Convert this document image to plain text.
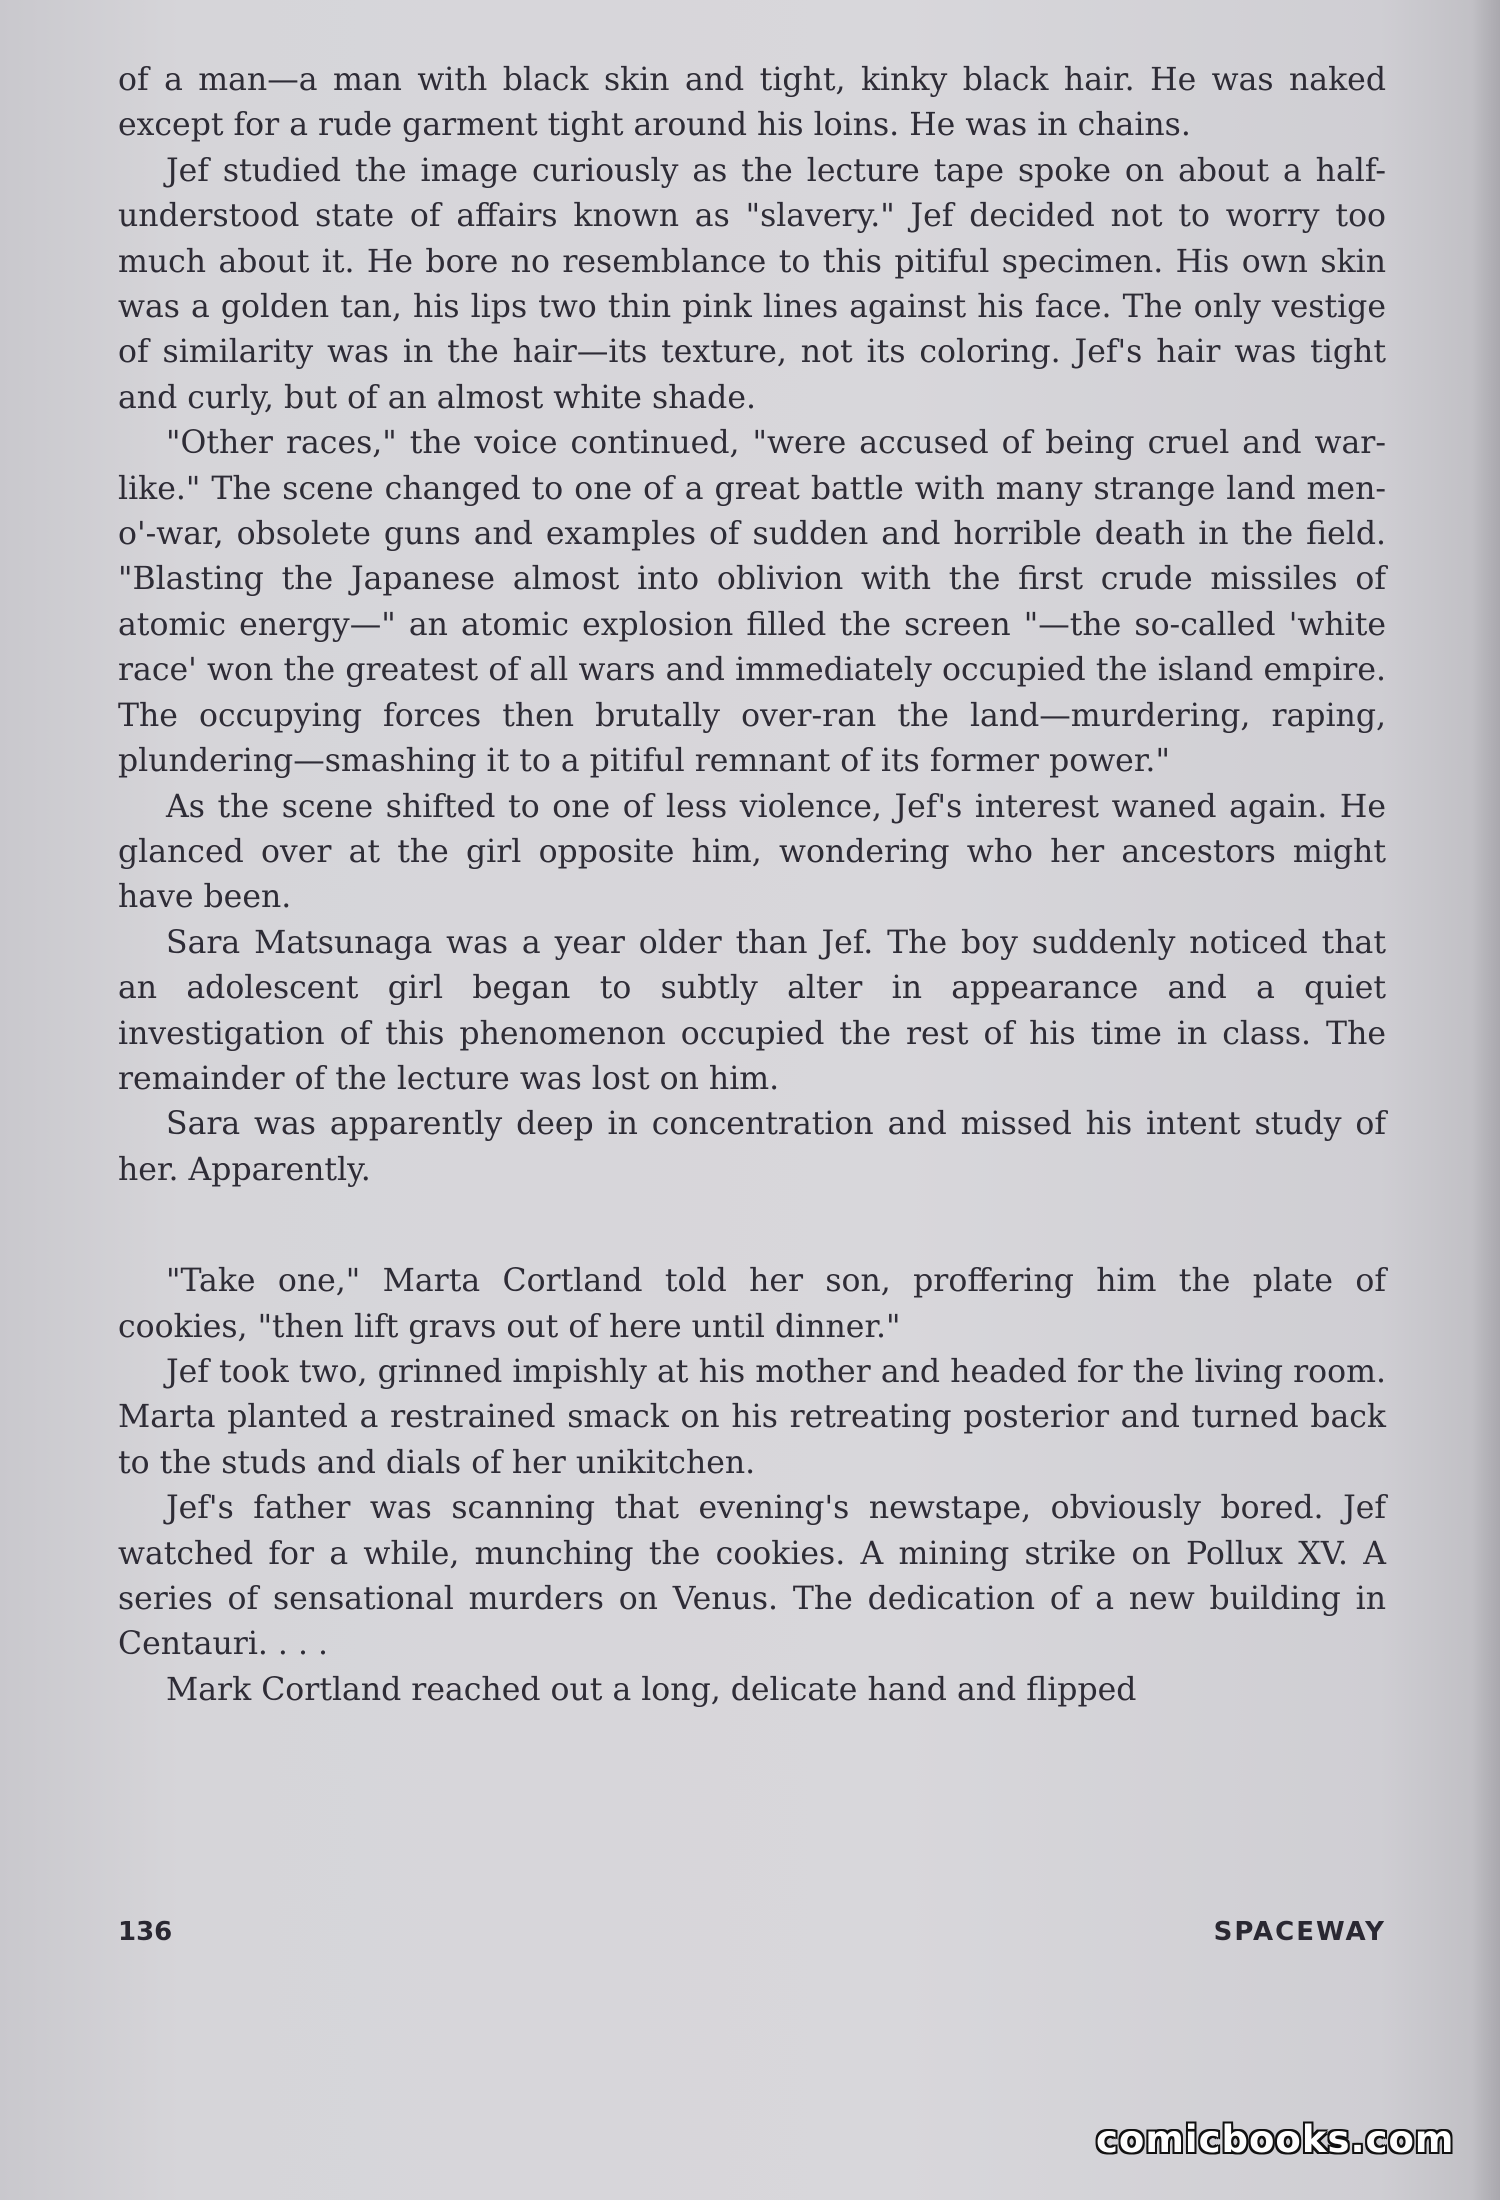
of a man—a man with black skin and tight, kinky black hair. He was naked except for a rude garment tight around his loins. He was in chains.

Jef studied the image curiously as the lecture tape spoke on about a half-understood state of affairs known as "slavery." Jef decided not to worry too much about it. He bore no resemblance to this pitiful specimen. His own skin was a golden tan, his lips two thin pink lines against his face. The only vestige of similarity was in the hair—its texture, not its coloring. Jef's hair was tight and curly, but of an almost white shade.

"Other races," the voice continued, "were accused of being cruel and war-like." The scene changed to one of a great battle with many strange land men-o'-war, obsolete guns and examples of sudden and horrible death in the field. "Blasting the Japanese almost into oblivion with the first crude missiles of atomic energy—" an atomic explosion filled the screen "—the so-called 'white race' won the greatest of all wars and immediately occupied the island empire. The occupying forces then brutally over-ran the land—murdering, raping, plundering—smashing it to a pitiful remnant of its former power."

As the scene shifted to one of less violence, Jef's interest waned again. He glanced over at the girl opposite him, wondering who her ancestors might have been.

Sara Matsunaga was a year older than Jef. The boy suddenly noticed that an adolescent girl began to subtly alter in appearance and a quiet investigation of this phenomenon occupied the rest of his time in class. The remainder of the lecture was lost on him.

Sara was apparently deep in concentration and missed his intent study of her. Apparently.

"Take one," Marta Cortland told her son, proffering him the plate of cookies, "then lift gravs out of here until dinner."

Jef took two, grinned impishly at his mother and headed for the living room. Marta planted a restrained smack on his retreating posterior and turned back to the studs and dials of her unikitchen.

Jef's father was scanning that evening's newstape, obviously bored. Jef watched for a while, munching the cookies. A mining strike on Pollux XV. A series of sensational murders on Venus. The dedication of a new building in Centauri. . . .

Mark Cortland reached out a long, delicate hand and flipped

136	SPACEWAY
comicbooks.com
